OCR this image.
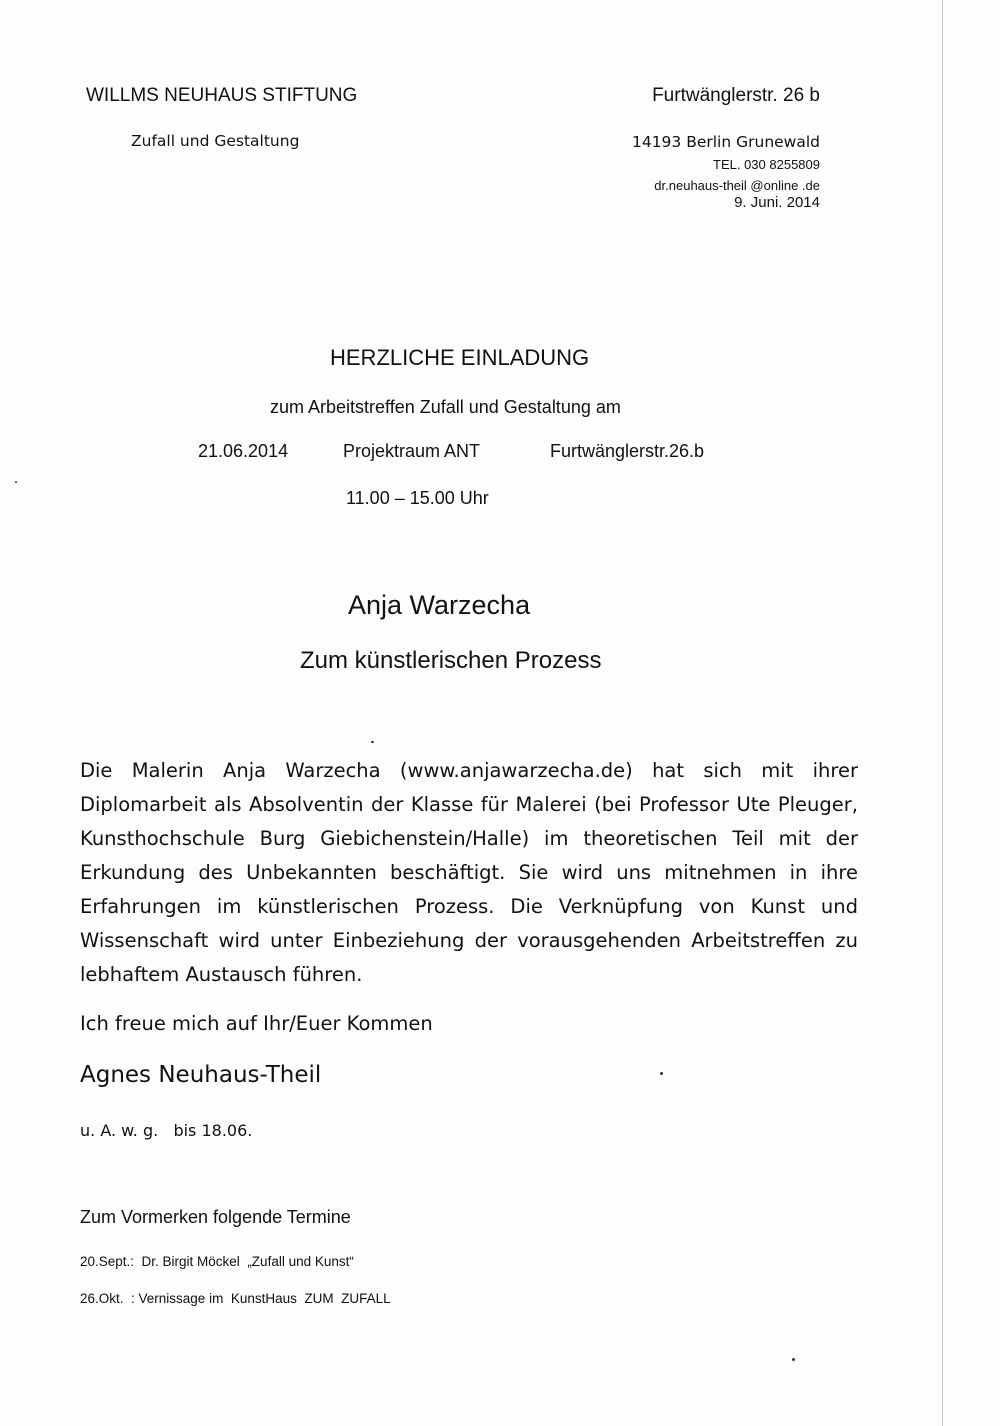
WILLMS NEUHAUS STIFTUNG
Zufall und Gestaltung
Furtwänglerstr. 26 b
14193 Berlin Grunewald
TEL. 030 8255809
dr.neuhaus-theil @online .de
9. Juni. 2014
HERZLICHE EINLADUNG
zum Arbeitstreffen Zufall und Gestaltung am
21.06.2014	Projektraum ANT	Furtwänglerstr.26.b
11.00 – 15.00 Uhr
Anja Warzecha
Zum künstlerischen Prozess
Die Malerin Anja Warzecha (www.anjawarzecha.de) hat sich mit ihrer Diplomarbeit als Absolventin der Klasse für Malerei (bei Professor Ute Pleuger, Kunsthochschule Burg Giebichenstein/Halle) im theoretischen Teil mit der Erkundung des Unbekannten beschäftigt. Sie wird uns mitnehmen in ihre Erfahrungen im künstlerischen Prozess. Die Verknüpfung von Kunst und Wissenschaft wird unter Einbeziehung der vorausgehenden Arbeitstreffen zu lebhaftem Austausch führen.
Ich freue mich auf Ihr/Euer Kommen
Agnes Neuhaus-Theil
u. A. w. g.   bis 18.06.
Zum Vormerken folgende Termine
20.Sept.:  Dr. Birgit Möckel  „Zufall und Kunst“
26.Okt.  : Vernissage im  KunstHaus  ZUM  ZUFALL
